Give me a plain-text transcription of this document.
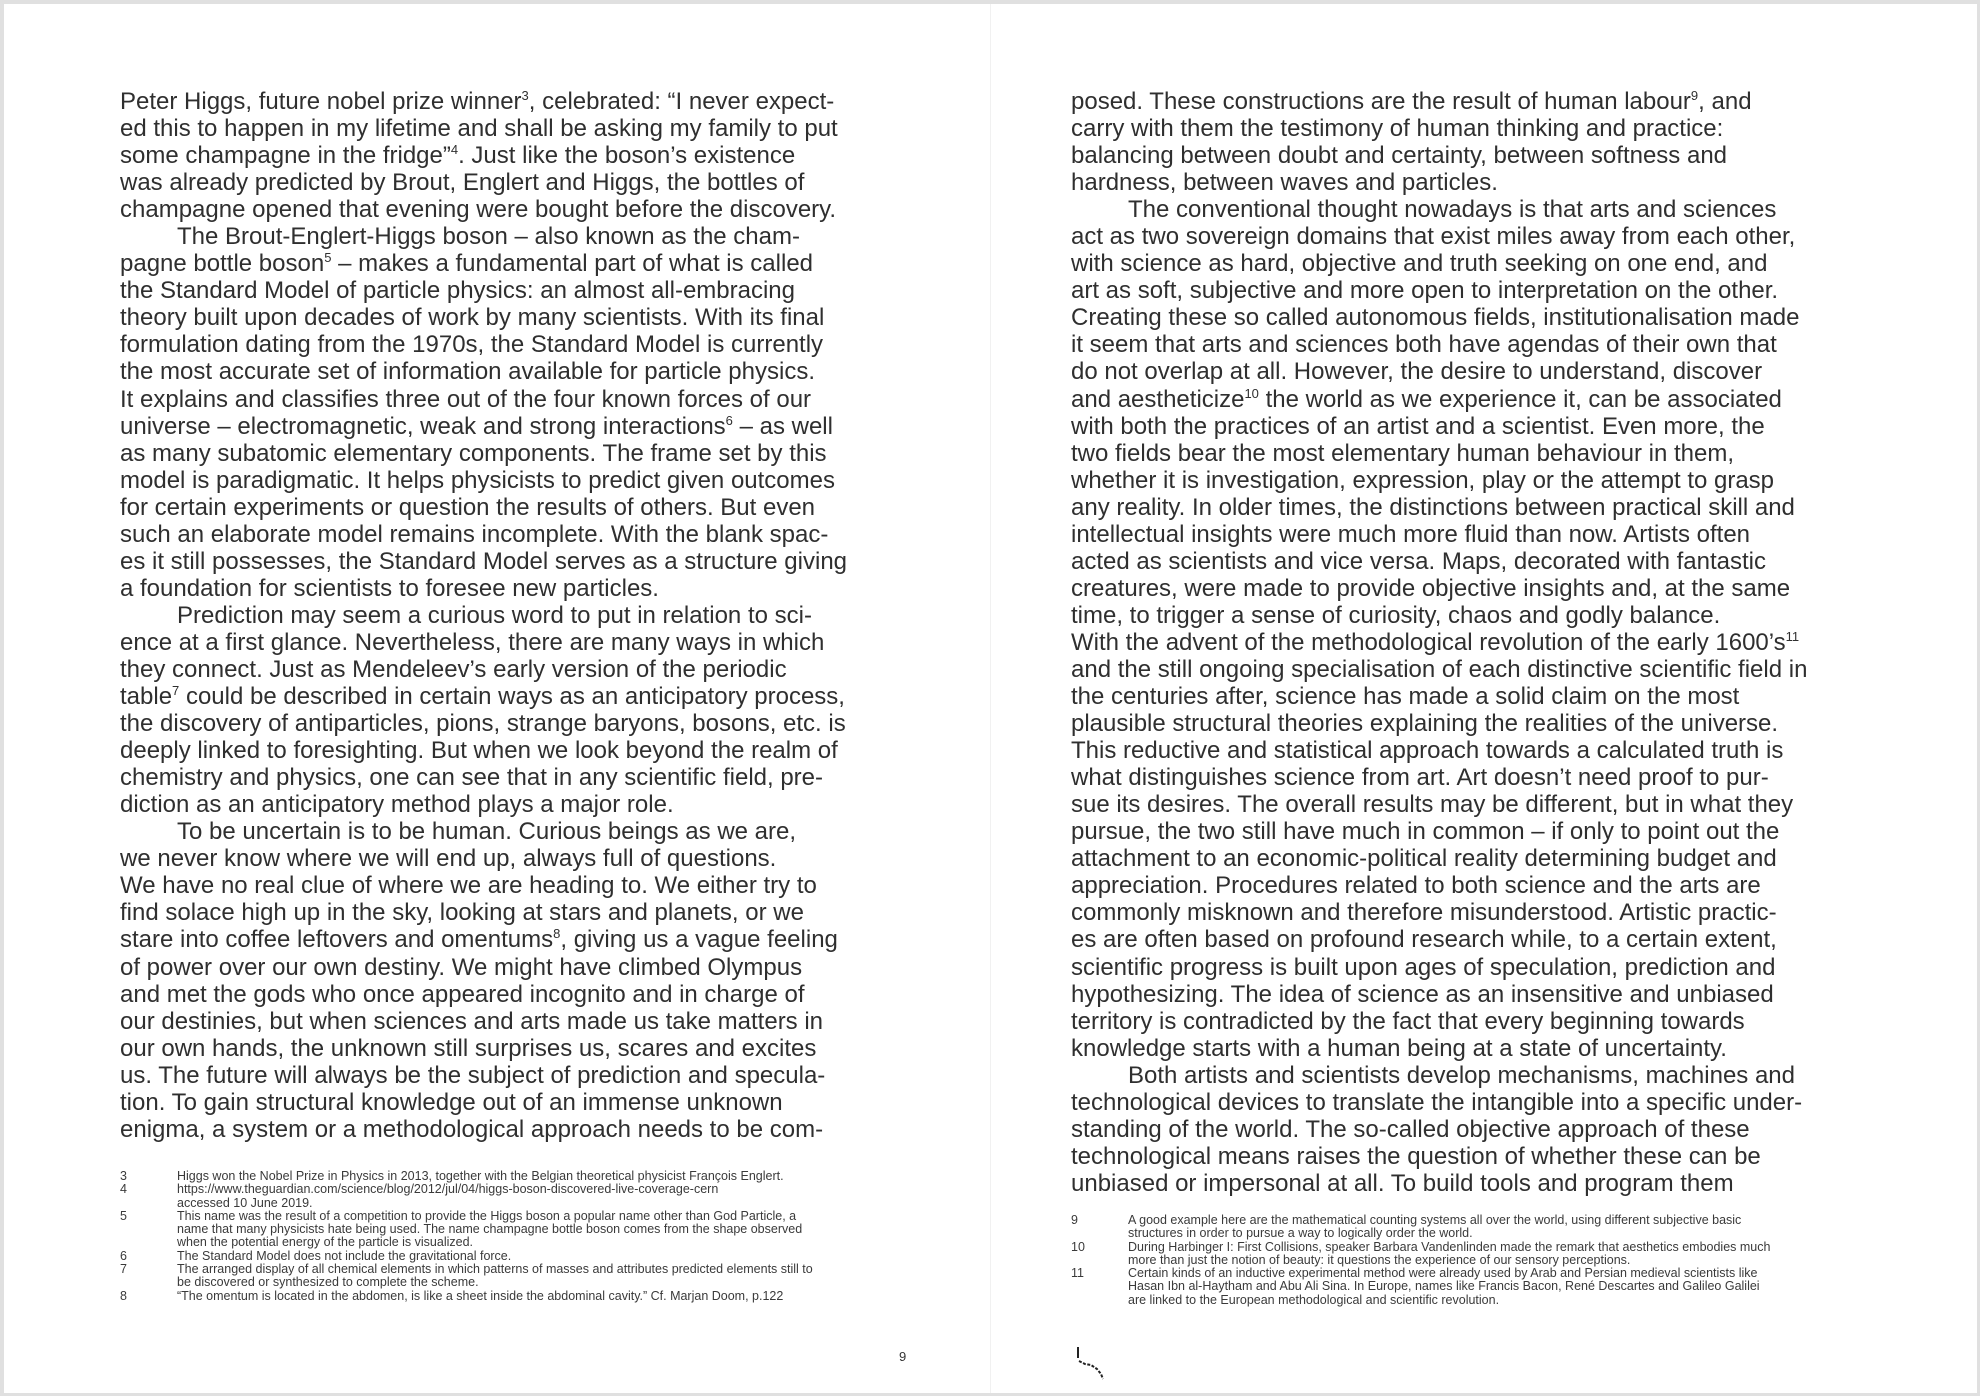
Peter Higgs, future nobel prize winner$^3$, celebrated: “I never expect-
ed this to happen in my lifetime and shall be asking my family to put
some champagne in the fridge”$^4$. Just like the boson’s existence
was already predicted by Brout, Englert and Higgs, the bottles of
champagne opened that evening were bought before the discovery.
The Brout-Englert-Higgs boson – also known as the cham-
pagne bottle boson$^5$ – makes a fundamental part of what is called
the Standard Model of particle physics: an almost all-embracing
theory built upon decades of work by many scientists. With its final
formulation dating from the 1970s, the Standard Model is currently
the most accurate set of information available for particle physics.
It explains and classifies three out of the four known forces of our
universe – electromagnetic, weak and strong interactions$^6$ – as well
as many subatomic elementary components. The frame set by this
model is paradigmatic. It helps physicists to predict given outcomes
for certain experiments or question the results of others. But even
such an elaborate model remains incomplete. With the blank spac-
es it still possesses, the Standard Model serves as a structure giving
a foundation for scientists to foresee new particles.
Prediction may seem a curious word to put in relation to sci-
ence at a first glance. Nevertheless, there are many ways in which
they connect. Just as Mendeleev’s early version of the periodic
table$^7$ could be described in certain ways as an anticipatory process,
the discovery of antiparticles, pions, strange baryons, bosons, etc. is
deeply linked to foresighting. But when we look beyond the realm of
chemistry and physics, one can see that in any scientific field, pre-
diction as an anticipatory method plays a major role.
To be uncertain is to be human. Curious beings as we are,
we never know where we will end up, always full of questions.
We have no real clue of where we are heading to. We either try to
find solace high up in the sky, looking at stars and planets, or we
stare into coffee leftovers and omentums$^8$, giving us a vague feeling
of power over our own destiny. We might have climbed Olympus
and met the gods who once appeared incognito and in charge of
our destinies, but when sciences and arts made us take matters in
our own hands, the unknown still surprises us, scares and excites
us. The future will always be the subject of prediction and specula-
tion. To gain structural knowledge out of an immense unknown
enigma, a system or a methodological approach needs to be com-
3	Higgs won the Nobel Prize in Physics in 2013, together with the Belgian theoretical physicist François Englert.
4	https://www.theguardian.com/science/blog/2012/jul/04/higgs-boson-discovered-live-coverage-cern
accessed 10 June 2019.
5	This name was the result of a competition to provide the Higgs boson a popular name other than God Particle, a
name that many physicists hate being used. The name champagne bottle boson comes from the shape observed
when the potential energy of the particle is visualized.
6	The Standard Model does not include the gravitational force.
7	The arranged display of all chemical elements in which patterns of masses and attributes predicted elements still to
be discovered or synthesized to complete the scheme.
8	“The omentum is located in the abdomen, is like a sheet inside the abdominal cavity.” Cf. Marjan Doom, p.122
9
posed. These constructions are the result of human labour$^9$, and
carry with them the testimony of human thinking and practice:
balancing between doubt and certainty, between softness and
hardness, between waves and particles.
The conventional thought nowadays is that arts and sciences
act as two sovereign domains that exist miles away from each other,
with science as hard, objective and truth seeking on one end, and
art as soft, subjective and more open to interpretation on the other.
Creating these so called autonomous fields, institutionalisation made
it seem that arts and sciences both have agendas of their own that
do not overlap at all. However, the desire to understand, discover
and aestheticize$^{10}$ the world as we experience it, can be associated
with both the practices of an artist and a scientist. Even more, the
two fields bear the most elementary human behaviour in them,
whether it is investigation, expression, play or the attempt to grasp
any reality. In older times, the distinctions between practical skill and
intellectual insights were much more fluid than now. Artists often
acted as scientists and vice versa. Maps, decorated with fantastic
creatures, were made to provide objective insights and, at the same
time, to trigger a sense of curiosity, chaos and godly balance.
With the advent of the methodological revolution of the early $1600’s^{11}$
and the still ongoing specialisation of each distinctive scientific field in
the centuries after, science has made a solid claim on the most
plausible structural theories explaining the realities of the universe.
This reductive and statistical approach towards a calculated truth is
what distinguishes science from art. Art doesn’t need proof to pur-
sue its desires. The overall results may be different, but in what they
pursue, the two still have much in common – if only to point out the
attachment to an economic-political reality determining budget and
appreciation. Procedures related to both science and the arts are
commonly misknown and therefore misunderstood. Artistic practic-
es are often based on profound research while, to a certain extent,
scientific progress is built upon ages of speculation, prediction and
hypothesizing. The idea of science as an insensitive and unbiased
territory is contradicted by the fact that every beginning towards
knowledge starts with a human being at a state of uncertainty.
Both artists and scientists develop mechanisms, machines and
technological devices to translate the intangible into a specific under-
standing of the world. The so-called objective approach of these
technological means raises the question of whether these can be
unbiased or impersonal at all. To build tools and program them
9	A good example here are the mathematical counting systems all over the world, using different subjective basic
structures in order to pursue a way to logically order the world.
10	During Harbinger I: First Collisions, speaker Barbara Vandenlinden made the remark that aesthetics embodies much
more than just the notion of beauty: it questions the experience of our sensory perceptions.
11	Certain kinds of an inductive experimental method were already used by Arab and Persian medieval scientists like
Hasan Ibn al-Haytham and Abu Ali Sina. In Europe, names like Francis Bacon, René Descartes and Galileo Galilei
are linked to the European methodological and scientific revolution.
